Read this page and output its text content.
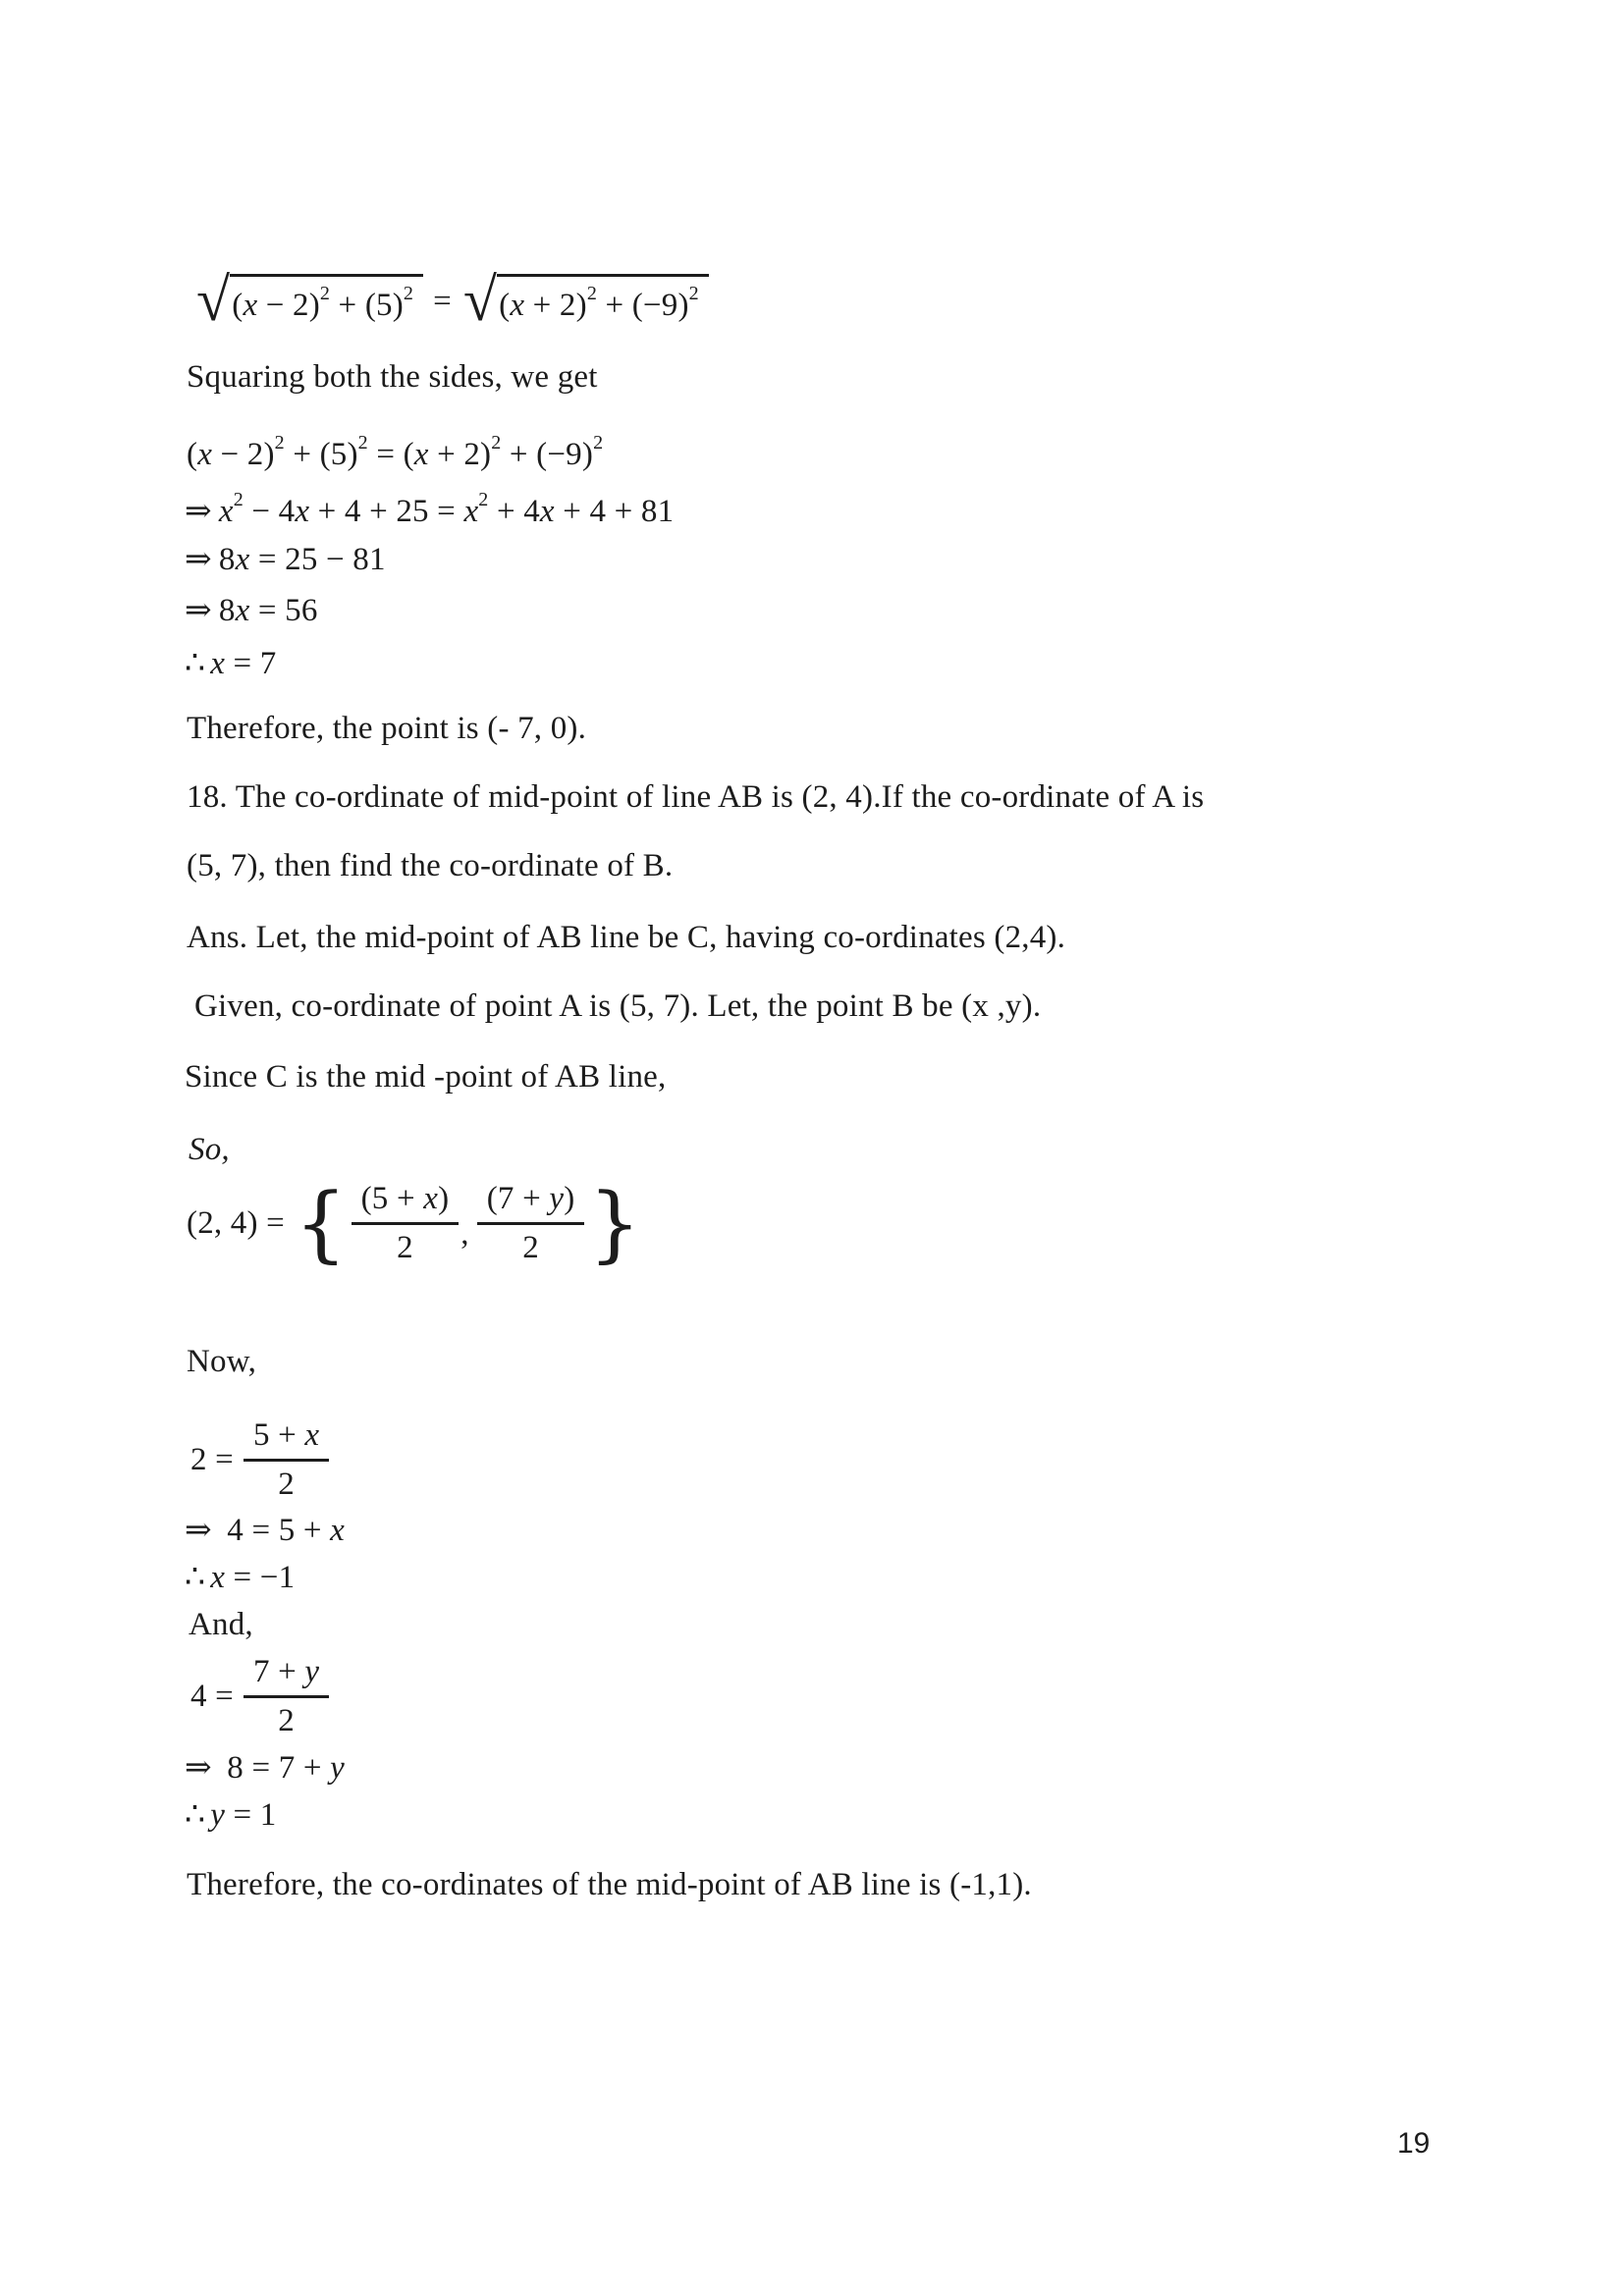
√ $(x - 2)^2 + (5)^2$ = √ $(x + 2)^2 + (-9)^2$
Squaring both the sides, we get
$(x - 2)^2 + (5)^2 = (x + 2)^2 + (-9)^2$
⇒ $x^2 - 4x + 4 + 25 = x^2 + 4x + 4 + 81$
⇒ 8x = 25 − 81
⇒ 8x = 56
∴ x = 7
Therefore, the point is (- 7, 0).
18. The co-ordinate of mid-point of line AB is (2, 4).If the co-ordinate of A is
(5, 7), then find the co-ordinate of B.
Ans. Let, the mid-point of AB line be C, having co-ordinates (2,4).
Given, co-ordinate of point A is (5, 7). Let, the point B be (x ,y).
Since C is the mid -point of AB line,
So,
(2, 4) = { $\frac{(5 + x)}{2}$ , $\frac{(7 + y)}{2}$ }
Now,
$2 = \frac{5 + x}{2}$
⇒ 4 = 5 + x
∴ x = −1
And,
$4 = \frac{7 + y}{2}$
⇒ 8 = 7 + y
∴ y = 1
Therefore, the co-ordinates of the mid-point of AB line is (-1,1).
19
